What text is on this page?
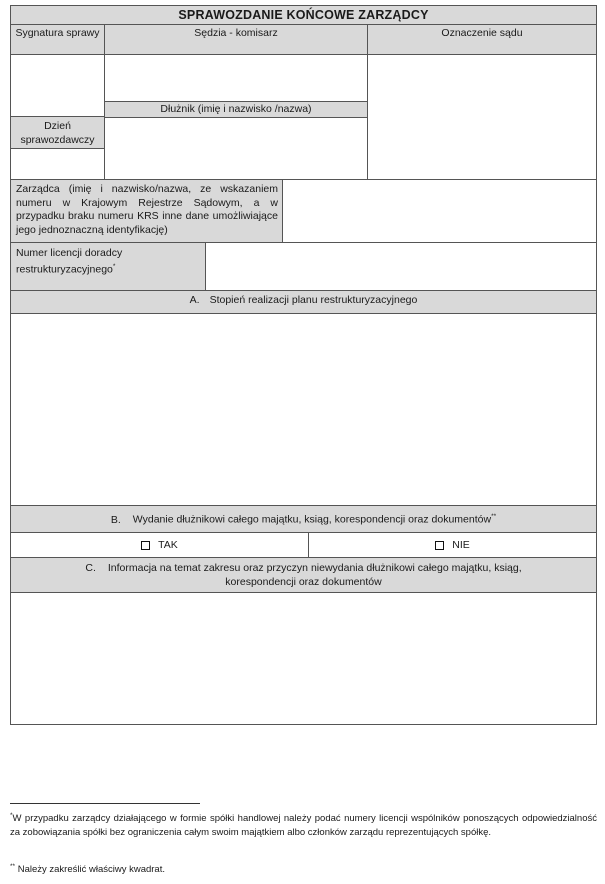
SPRAWOZDANIE KOŃCOWE ZARZĄDCY
Sygnatura sprawy	Sędzia - komisarz	Oznaczenie sądu
Dłużnik (imię i nazwisko /nazwa)
Dzień sprawozdawczy
Zarządca (imię i nazwisko/nazwa, ze wskazaniem numeru w Krajowym Rejestrze Sądowym, a w przypadku braku numeru KRS inne dane umożliwiające jego jednoznaczną identyfikację)
Numer licencji doradcy restrukturyzacyjnego*
A. Stopień realizacji planu restrukturyzacyjnego
B. Wydanie dłużnikowi całego majątku, ksiąg, korespondencji oraz dokumentów**
TAK	NIE
C. Informacja na temat zakresu oraz przyczyn niewydania dłużnikowi całego majątku, ksiąg,
korespondencji oraz dokumentów
*W przypadku zarządcy działającego w formie spółki handlowej należy podać numery licencji wspólników ponoszących odpowiedzialność za zobowiązania spółki bez ograniczenia całym swoim majątkiem albo członków zarządu reprezentujących spółkę.
** Należy zakreślić właściwy kwadrat.
